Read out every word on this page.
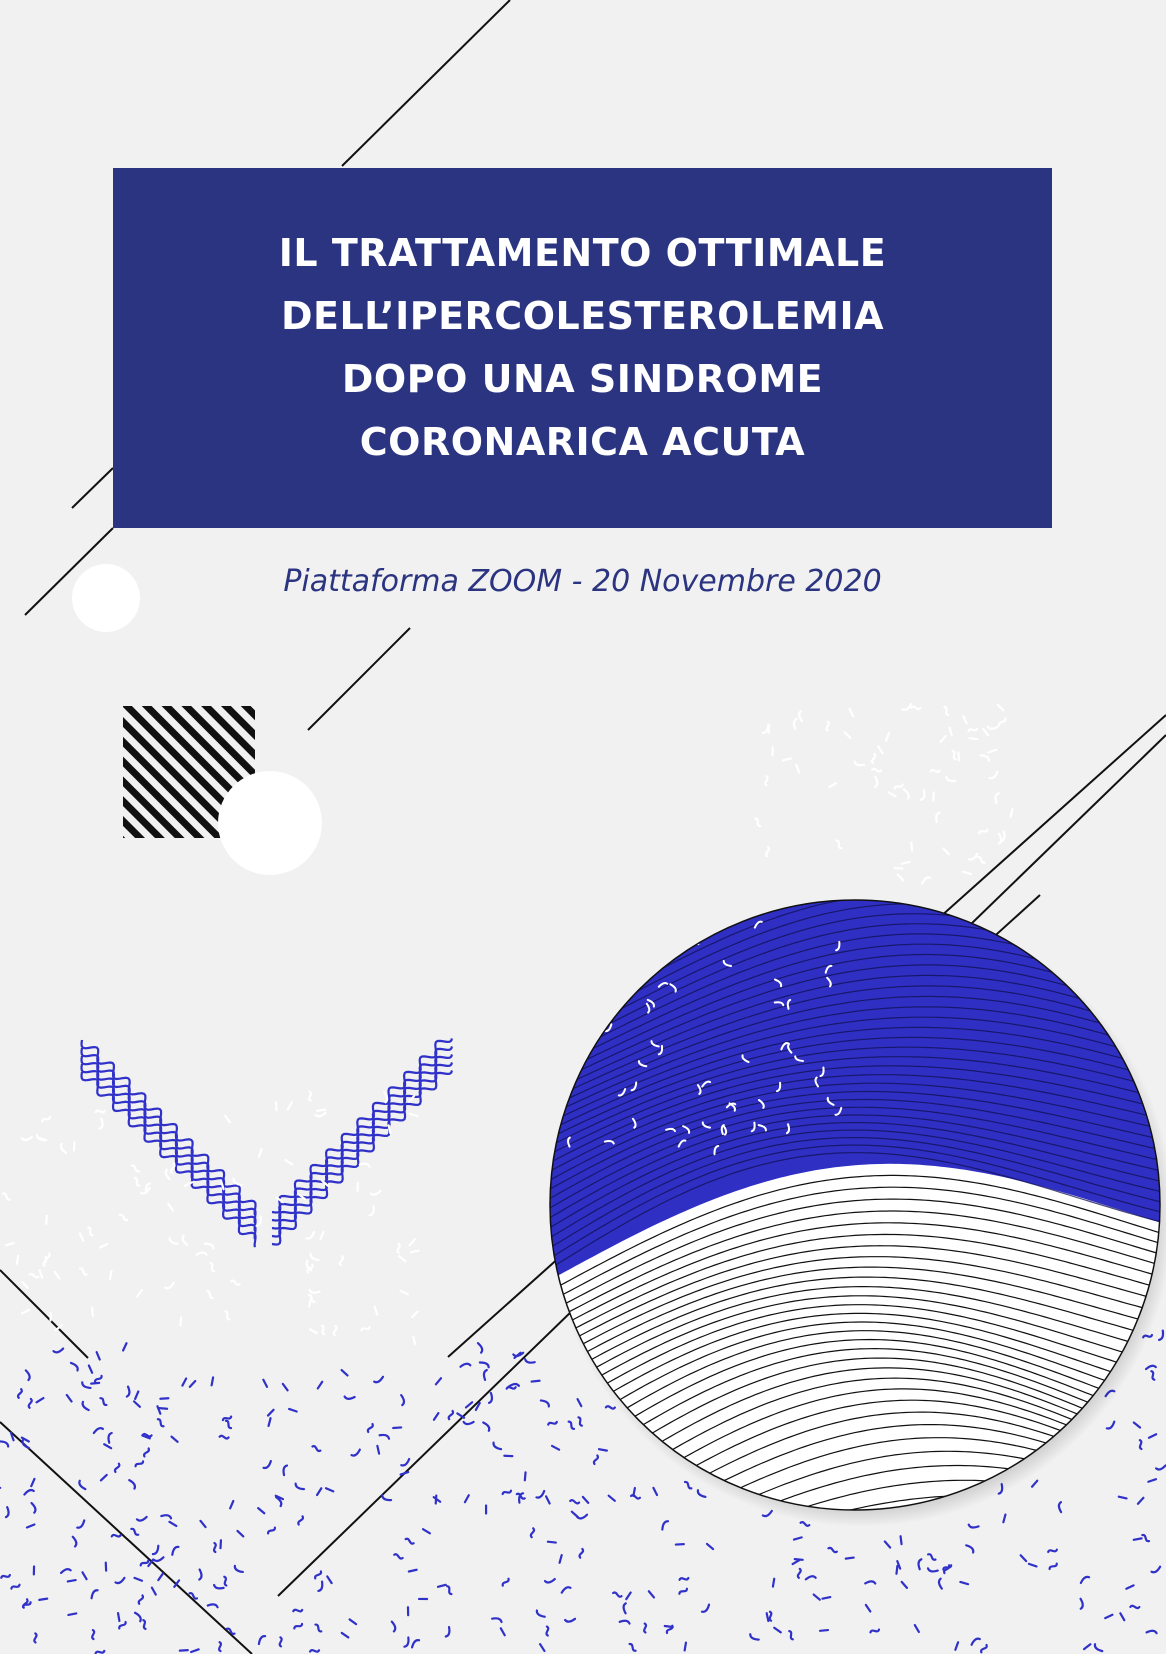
IL TRATTAMENTO OTTIMALE
DELL’IPERCOLESTEROLEMIA
DOPO UNA SINDROME
CORONARICA ACUTA
Piattaforma ZOOM - 20 Novembre 2020
